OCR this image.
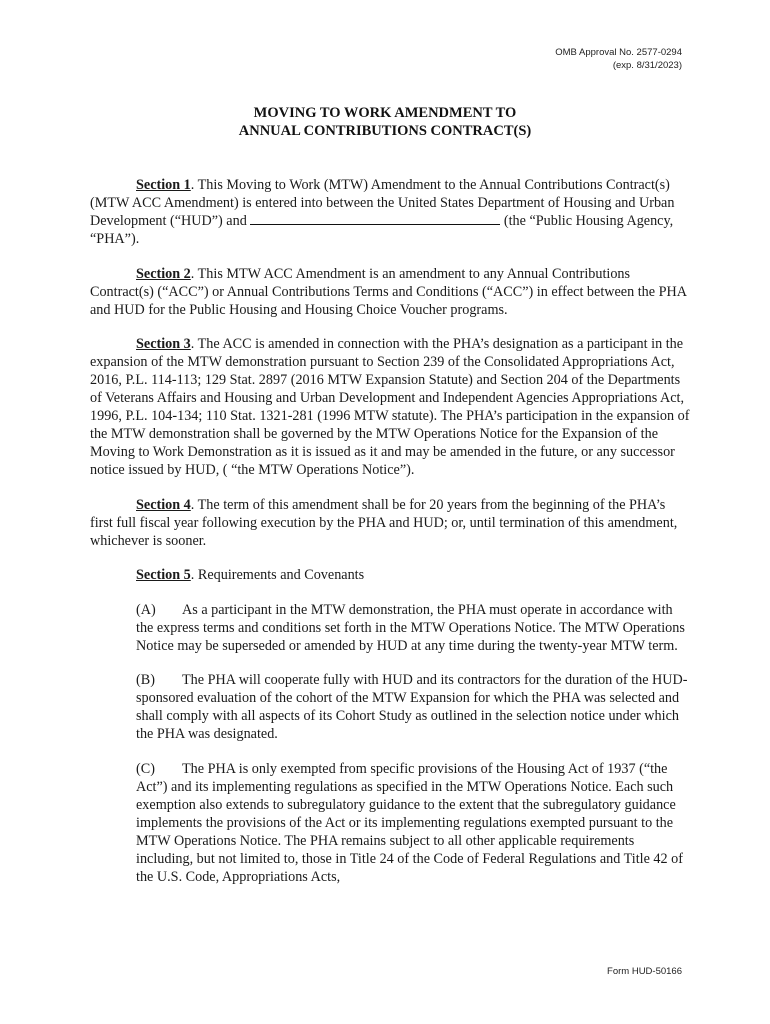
OMB Approval No. 2577-0294
(exp. 8/31/2023)
MOVING TO WORK AMENDMENT TO
ANNUAL CONTRIBUTIONS CONTRACT(S)

Section 1. This Moving to Work (MTW) Amendment to the Annual Contributions Contract(s) (MTW ACC Amendment) is entered into between the United States Department of Housing and Urban Development (“HUD”) and	(the “Public Housing Agency, “PHA”).

Section 2. This MTW ACC Amendment is an amendment to any Annual Contributions Contract(s) (“ACC”) or Annual Contributions Terms and Conditions (“ACC”) in effect between the PHA and HUD for the Public Housing and Housing Choice Voucher programs.

Section 3. The ACC is amended in connection with the PHA’s designation as a participant in the expansion of the MTW demonstration pursuant to Section 239 of the Consolidated Appropriations Act, 2016, P.L. 114-113; 129 Stat. 2897 (2016 MTW Expansion Statute) and Section 204 of the Departments of Veterans Affairs and Housing and Urban Development and Independent Agencies Appropriations Act, 1996, P.L. 104-134; 110 Stat. 1321-281 (1996 MTW statute). The PHA’s participation in the expansion of the MTW demonstration shall be governed by the MTW Operations Notice for the Expansion of the Moving to Work Demonstration as it is issued as it and may be amended in the future, or any successor notice issued by HUD, ( “the MTW Operations Notice”).

Section 4. The term of this amendment shall be for 20 years from the beginning of the PHA’s first full fiscal year following execution by the PHA and HUD; or, until termination of this amendment, whichever is sooner.

Section 5. Requirements and Covenants

(A) As a participant in the MTW demonstration, the PHA must operate in accordance with the express terms and conditions set forth in the MTW Operations Notice. The MTW Operations Notice may be superseded or amended by HUD at any time during the twenty-year MTW term.

(B) The PHA will cooperate fully with HUD and its contractors for the duration of the HUD-sponsored evaluation of the cohort of the MTW Expansion for which the PHA was selected and shall comply with all aspects of its Cohort Study as outlined in the selection notice under which the PHA was designated.

(C) The PHA is only exempted from specific provisions of the Housing Act of 1937 (“the Act”) and its implementing regulations as specified in the MTW Operations Notice. Each such exemption also extends to subregulatory guidance to the extent that the subregulatory guidance implements the provisions of the Act or its implementing regulations exempted pursuant to the MTW Operations Notice. The PHA remains subject to all other applicable requirements including, but not limited to, those in Title 24 of the Code of Federal Regulations and Title 42 of the U.S. Code, Appropriations Acts,

Form HUD-50166
